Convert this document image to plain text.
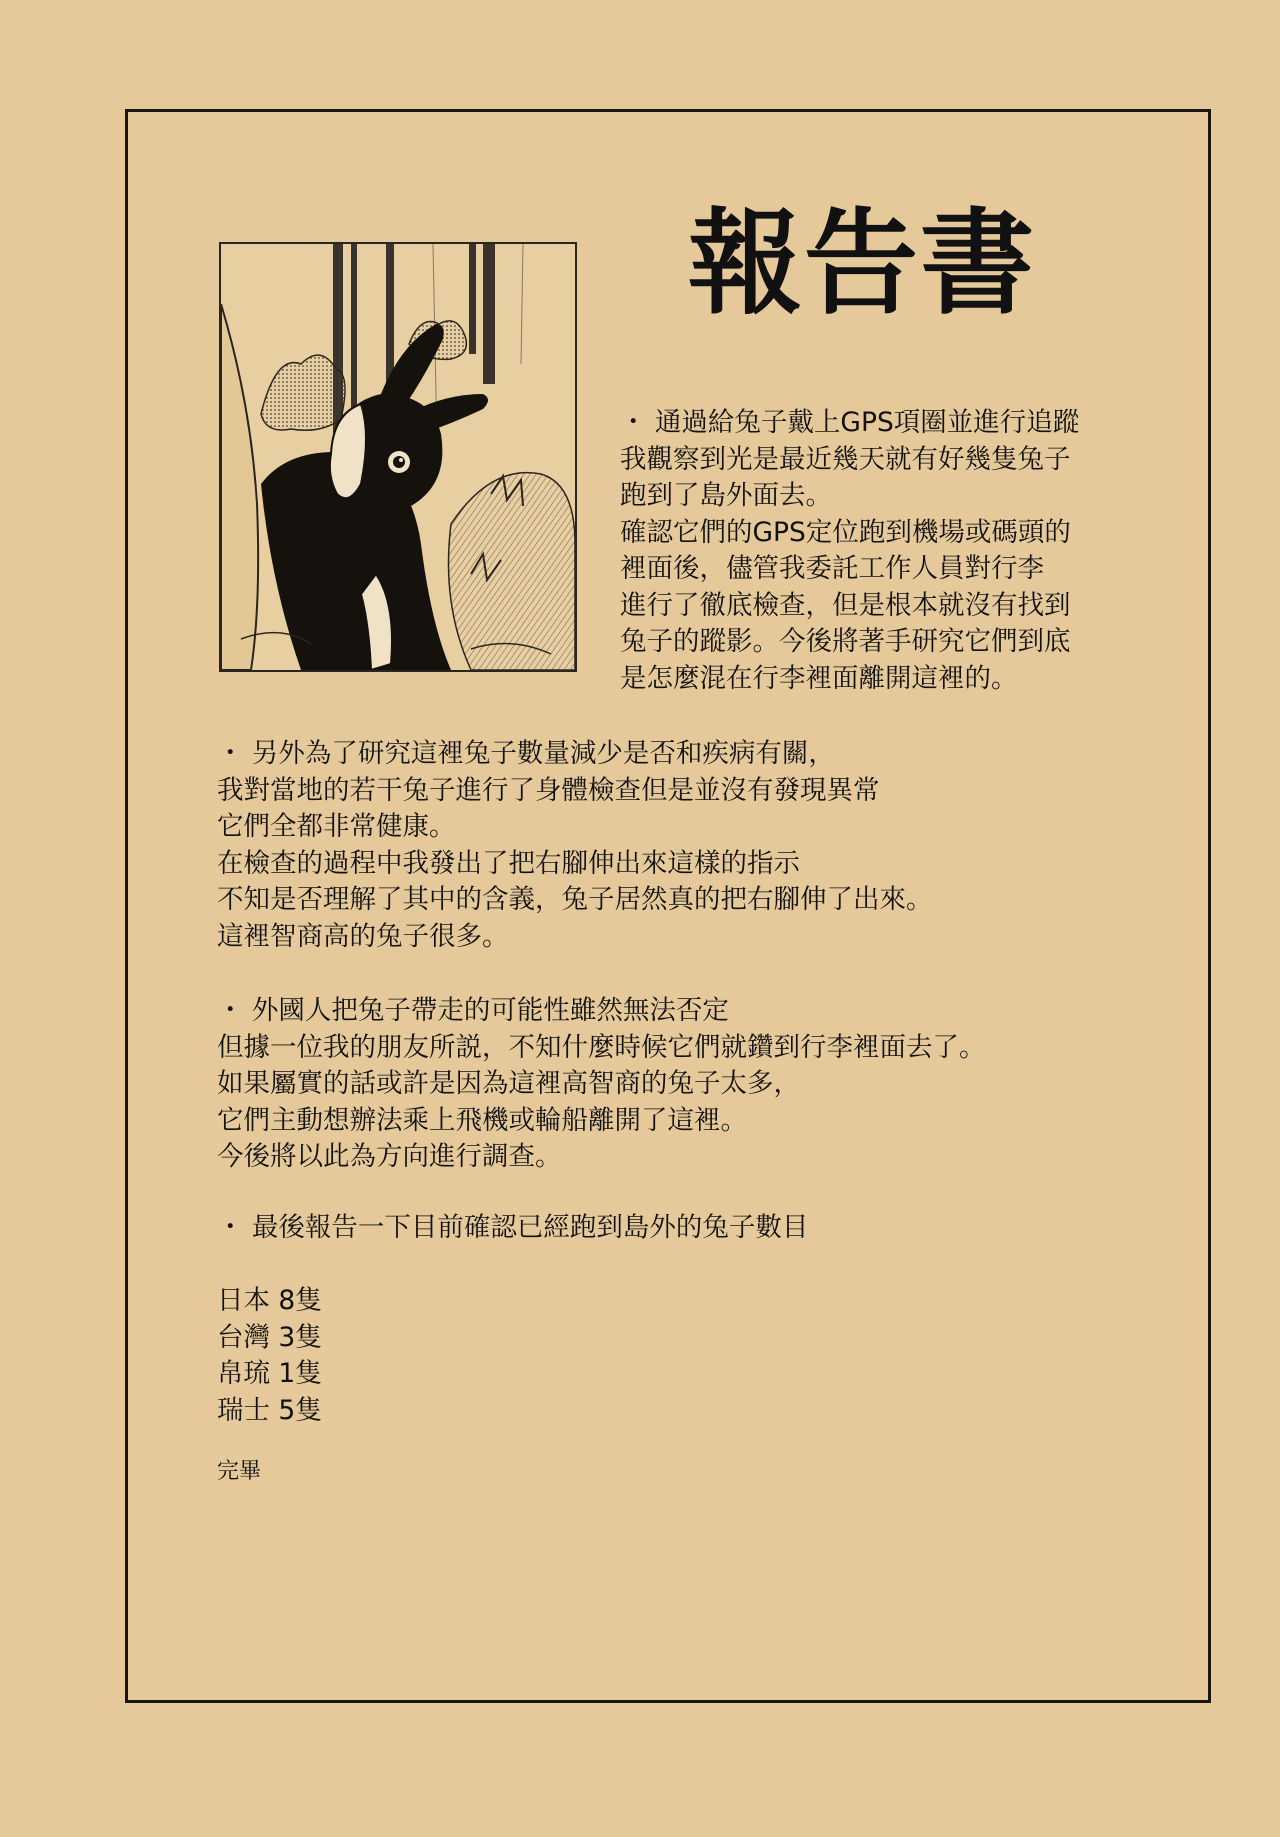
報告書

・ 通過給兔子戴上GPS項圈並進行追蹤
我觀察到光是最近幾天就有好幾隻兔子
跑到了島外面去。
確認它們的GPS定位跑到機場或碼頭的
裡面後，儘管我委託工作人員對行李
進行了徹底檢查，但是根本就沒有找到
兔子的蹤影。今後將著手研究它們到底
是怎麼混在行李裡面離開這裡的。

・ 另外為了研究這裡兔子數量減少是否和疾病有關，
我對當地的若干兔子進行了身體檢查但是並沒有發現異常
它們全都非常健康。
在檢查的過程中我發出了把右腳伸出來這樣的指示
不知是否理解了其中的含義，兔子居然真的把右腳伸了出來。
這裡智商高的兔子很多。

・ 外國人把兔子帶走的可能性雖然無法否定
但據一位我的朋友所説，不知什麼時候它們就鑽到行李裡面去了。
如果屬實的話或許是因為這裡高智商的兔子太多，
它們主動想辦法乘上飛機或輪船離開了這裡。
今後將以此為方向進行調查。

・ 最後報告一下目前確認已經跑到島外的兔子數目

日本 8隻
台灣 3隻
帛琉 1隻
瑞士 5隻

完畢
